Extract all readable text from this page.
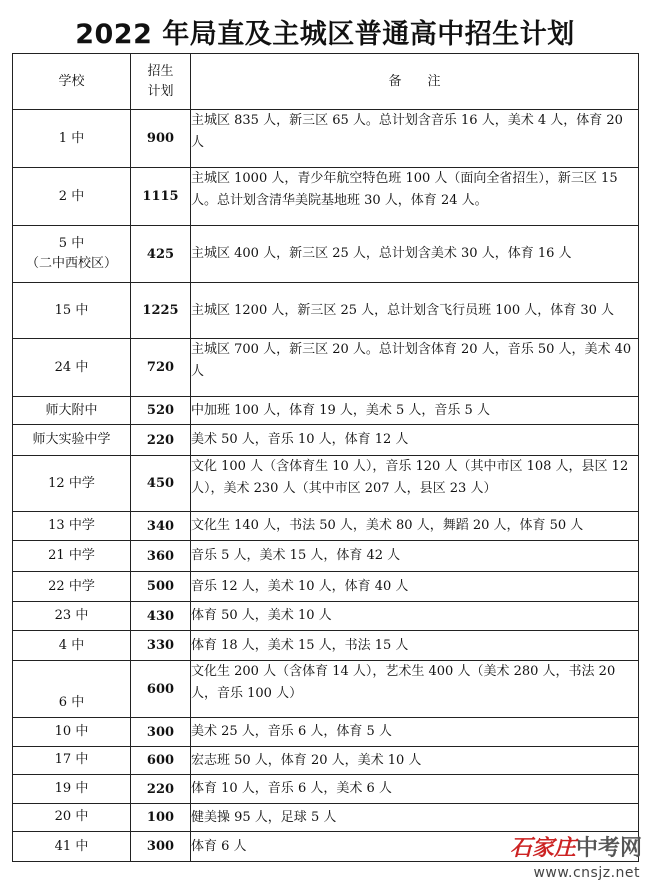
2022 年局直及主城区普通高中招生计划
学校	招生
计划	备　　注
1 中	900	主城区 835 人，新三区 65 人。总计划含音乐 16 人，美术 4 人，体育 20 人
2 中	1115	主城区 1000 人，青少年航空特色班 100 人（面向全省招生），新三区 15 人。总计划含清华美院基地班 30 人，体育 24 人。

5 中
（二中西校区）	425	主城区 400 人，新三区 25 人，总计划含美术 30 人，体育 16 人
15 中	1225	主城区 1200 人，新三区 25 人，总计划含飞行员班 100 人，体育 30 人
24 中	720	主城区 700 人，新三区 20 人。总计划含体育 20 人，音乐 50 人，美术 40 人
师大附中	520	中加班 100 人，体育 19 人，美术 5 人，音乐 5 人
师大实验中学	220	美术 50 人，音乐 10 人，体育 12 人
12 中学	450	文化 100 人（含体育生 10 人），音乐 120 人（其中市区 108 人，县区 12 人），美术 230 人（其中市区 207 人，县区 23 人）
13 中学	340	文化生 140 人，书法 50 人，美术 80 人，舞蹈 20 人，体育 50 人
21 中学	360	音乐 5 人，美术 15 人，体育 42 人
22 中学	500	音乐 12 人，美术 10 人，体育 40 人
23 中	430	体育 50 人，美术 10 人
4 中	330	体育 18 人，美术 15 人，书法 15 人
6 中	600	文化生 200 人（含体育 14 人），艺术生 400 人（美术 280 人，书法 20 人，音乐 100 人）
10 中	300	美术 25 人，音乐 6 人，体育 5 人
17 中	600	宏志班 50 人，体育 20 人，美术 10 人
19 中	220	体育 10 人，音乐 6 人，美术 6 人
20 中	100	健美操 95 人，足球 5 人
41 中	300	体育 6 人	石家庄中考网
www.cnsjz.net
